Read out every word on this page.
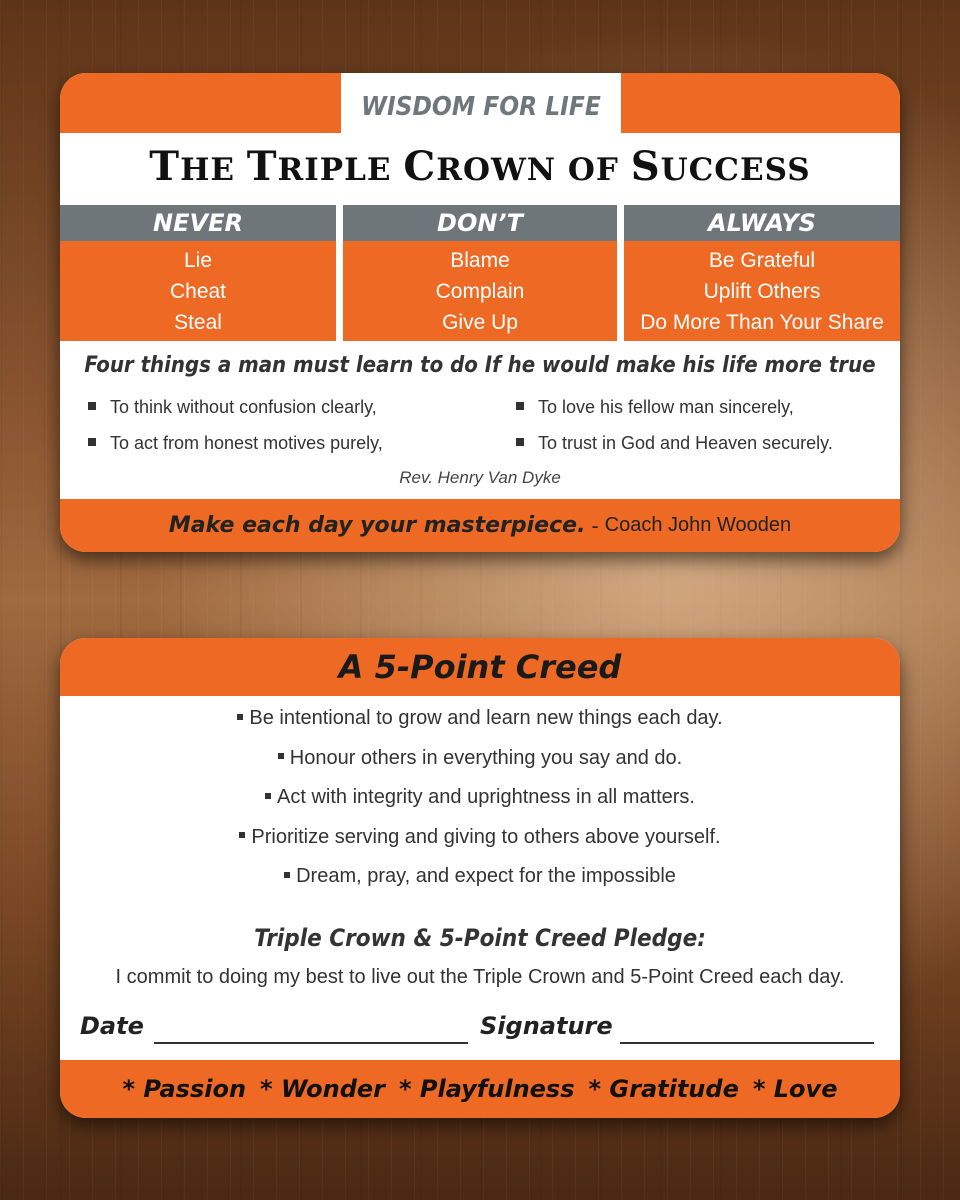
WISDOM FOR LIFE
THE TRIPLE CROWN OF SUCCESS
NEVER
Lie
Cheat
Steal
DON’T
Blame
Complain
Give Up
ALWAYS
Be Grateful
Uplift Others
Do More Than Your Share
Four things a man must learn to do If he would make his life more true
To think without confusion clearly,
To act from honest motives purely,
To love his fellow man sincerely,
To trust in God and Heaven securely.
Rev. Henry Van Dyke
Make each day your masterpiece. - Coach John Wooden
A 5-Point Creed
Be intentional to grow and learn new things each day.
Honour others in everything you say and do.
Act with integrity and uprightness in all matters.
Prioritize serving and giving to others above yourself.
Dream, pray, and expect for the impossible
Triple Crown & 5-Point Creed Pledge:
I commit to doing my best to live out the Triple Crown and 5-Point Creed each day.
Date	Signature
* Passion * Wonder * Playfulness * Gratitude * Love
